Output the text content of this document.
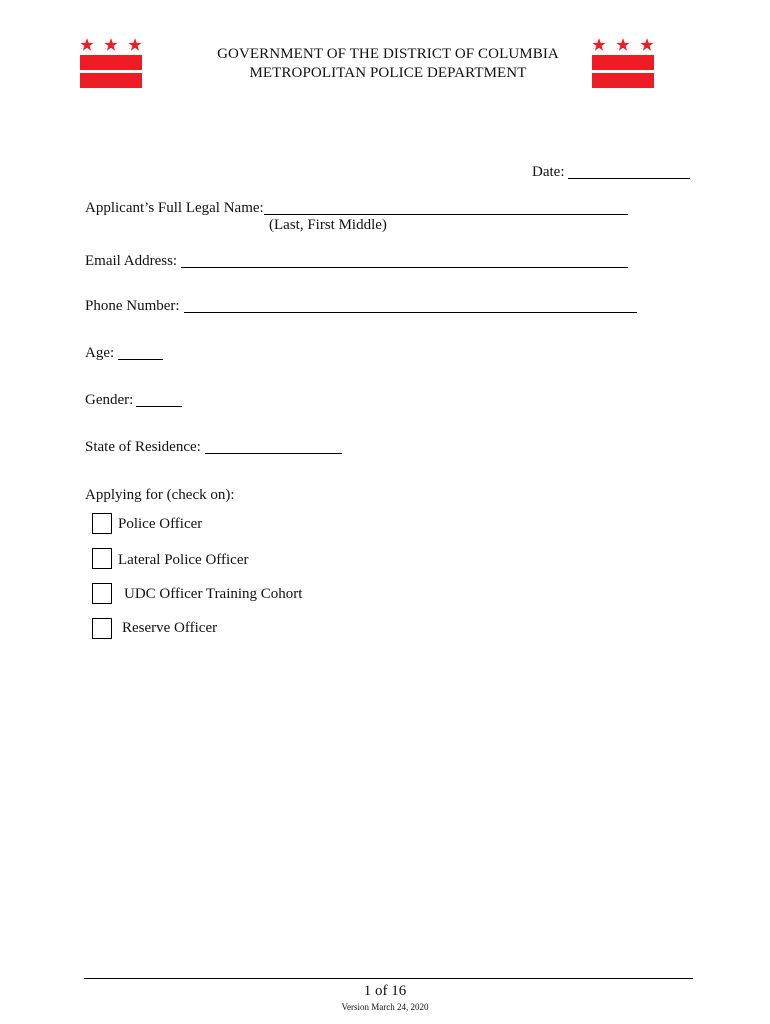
GOVERNMENT OF THE DISTRICT OF COLUMBIA
METROPOLITAN POLICE DEPARTMENT
Date:
Applicant’s Full Legal Name:
(Last, First Middle)
Email Address:
Phone Number:
Age:
Gender:
State of Residence:
Applying for (check on):
Police Officer
Lateral Police Officer
UDC Officer Training Cohort
Reserve Officer
1 of 16
Version March 24, 2020
